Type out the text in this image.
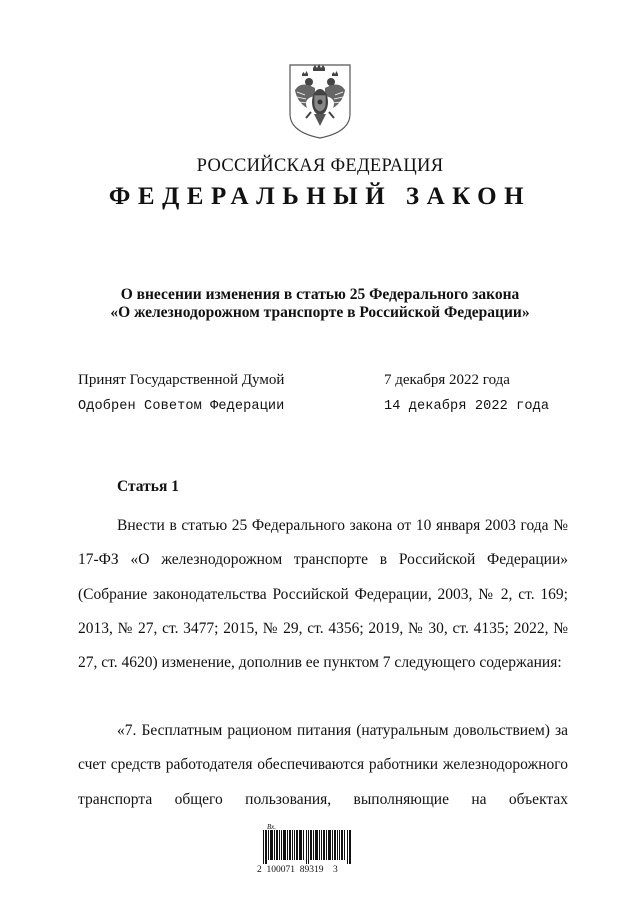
РОССИЙСКАЯ ФЕДЕРАЦИЯ
ФЕДЕРАЛЬНЫЙ ЗАКОН
О внесении изменения в статью 25 Федерального закона
«О железнодорожном транспорте в Российской Федерации»
Принят Государственной Думой	7 декабря 2022 года
Одобрен Советом Федерации	14 декабря 2022 года
Статья 1

Внести в статью 25 Федерального закона от 10 января 2003 года № 17-ФЗ «О железнодорожном транспорте в Российской Федерации» (Собрание законодательства Российской Федерации, 2003, № 2, ст. 169; 2013, № 27, ст. 3477; 2015, № 29, ст. 4356; 2019, № 30, ст. 4135; 2022, № 27, ст. 4620) изменение, дополнив ее пунктом 7 следующего содержания:

«7. Бесплатным рационом питания (натуральным довольствием) за счет средств работодателя обеспечиваются работники железнодорожного транспорта общего пользования, выполняющие на объектах

2  100071  89319    3
Вх.
